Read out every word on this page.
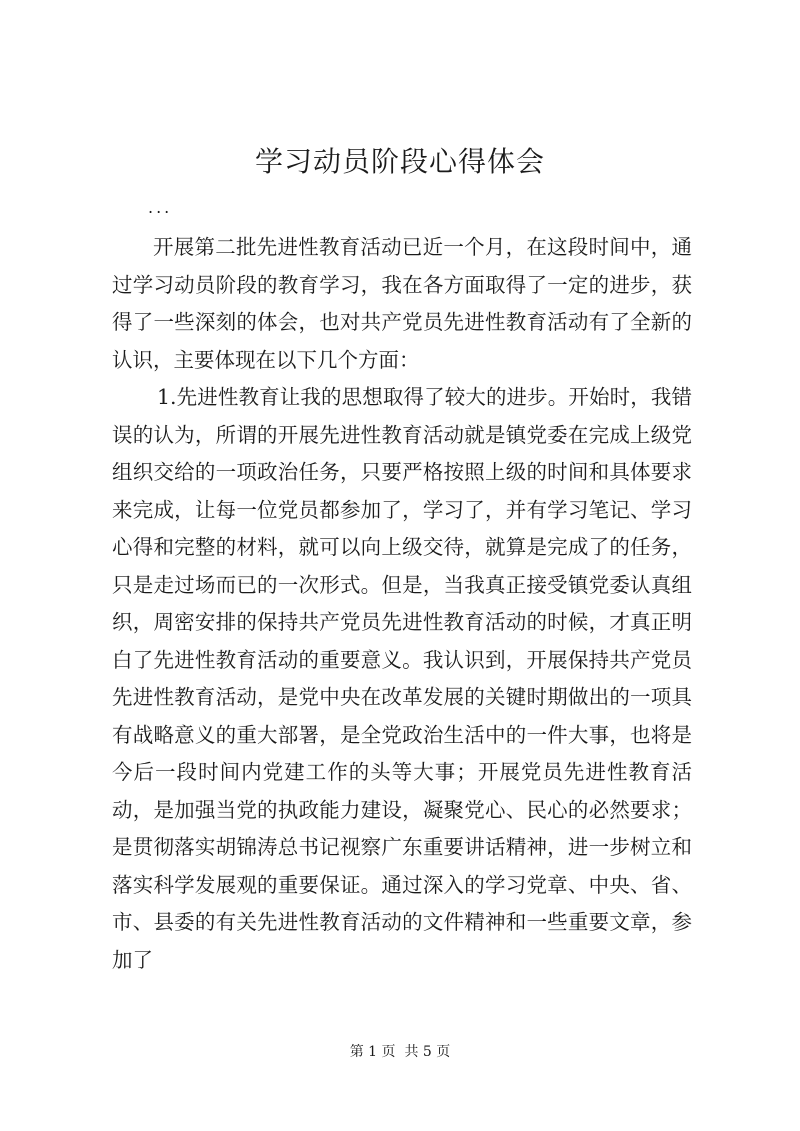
学习动员阶段心得体会
...

开展第二批先进性教育活动已近一个月，在这段时间中，通过学习动员阶段的教育学习，我在各方面取得了一定的进步，获得了一些深刻的体会，也对共产党员先进性教育活动有了全新的认识，主要体现在以下几个方面：

1.先进性教育让我的思想取得了较大的进步。开始时，我错误的认为，所谓的开展先进性教育活动就是镇党委在完成上级党组织交给的一项政治任务，只要严格按照上级的时间和具体要求来完成，让每一位党员都参加了，学习了，并有学习笔记、学习心得和完整的材料，就可以向上级交待，就算是完成了的任务，只是走过场而已的一次形式。但是，当我真正接受镇党委认真组织，周密安排的保持共产党员先进性教育活动的时候，才真正明白了先进性教育活动的重要意义。我认识到，开展保持共产党员先进性教育活动，是党中央在改革发展的关键时期做出的一项具有战略意义的重大部署，是全党政治生活中的一件大事，也将是今后一段时间内党建工作的头等大事；开展党员先进性教育活动，是加强当党的执政能力建设，凝聚党心、民心的必然要求；是贯彻落实胡锦涛总书记视察广东重要讲话精神，进一步树立和落实科学发展观的重要保证。通过深入的学习党章、中央、省、市、县委的有关先进性教育活动的文件精神和一些重要文章，参加了

第 1 页  共 5 页
